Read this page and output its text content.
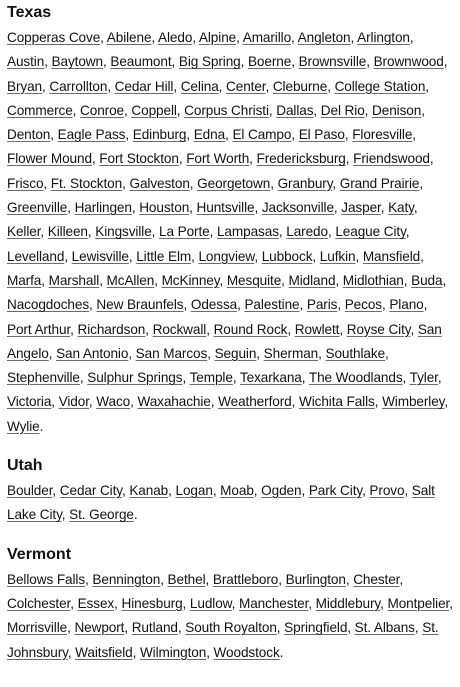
Texas

Copperas Cove, Abilene, Aledo, Alpine, Amarillo, Angleton, Arlington, Austin, Baytown, Beaumont, Big Spring, Boerne, Brownsville, Brownwood, Bryan, Carrollton, Cedar Hill, Celina, Center, Cleburne, College Station, Commerce, Conroe, Coppell, Corpus Christi, Dallas, Del Rio, Denison, Denton, Eagle Pass, Edinburg, Edna, El Campo, El Paso, Floresville, Flower Mound, Fort Stockton, Fort Worth, Fredericksburg, Friendswood, Frisco, Ft. Stockton, Galveston, Georgetown, Granbury, Grand Prairie, Greenville, Harlingen, Houston, Huntsville, Jacksonville, Jasper, Katy, Keller, Killeen, Kingsville, La Porte, Lampasas, Laredo, League City, Levelland, Lewisville, Little Elm, Longview, Lubbock, Lufkin, Mansfield, Marfa, Marshall, McAllen, McKinney, Mesquite, Midland, Midlothian, Buda, Nacogdoches, New Braunfels, Odessa, Palestine, Paris, Pecos, Plano, Port Arthur, Richardson, Rockwall, Round Rock, Rowlett, Royse City, San Angelo, San Antonio, San Marcos, Seguin, Sherman, Southlake, Stephenville, Sulphur Springs, Temple, Texarkana, The Woodlands, Tyler, Victoria, Vidor, Waco, Waxahachie, Weatherford, Wichita Falls, Wimberley, Wylie.

Utah

Boulder, Cedar City, Kanab, Logan, Moab, Ogden, Park City, Provo, Salt Lake City, St. George.

Vermont

Bellows Falls, Bennington, Bethel, Brattleboro, Burlington, Chester, Colchester, Essex, Hinesburg, Ludlow, Manchester, Middlebury, Montpelier, Morrisville, Newport, Rutland, South Royalton, Springfield, St. Albans, St. Johnsbury, Waitsfield, Wilmington, Woodstock.
